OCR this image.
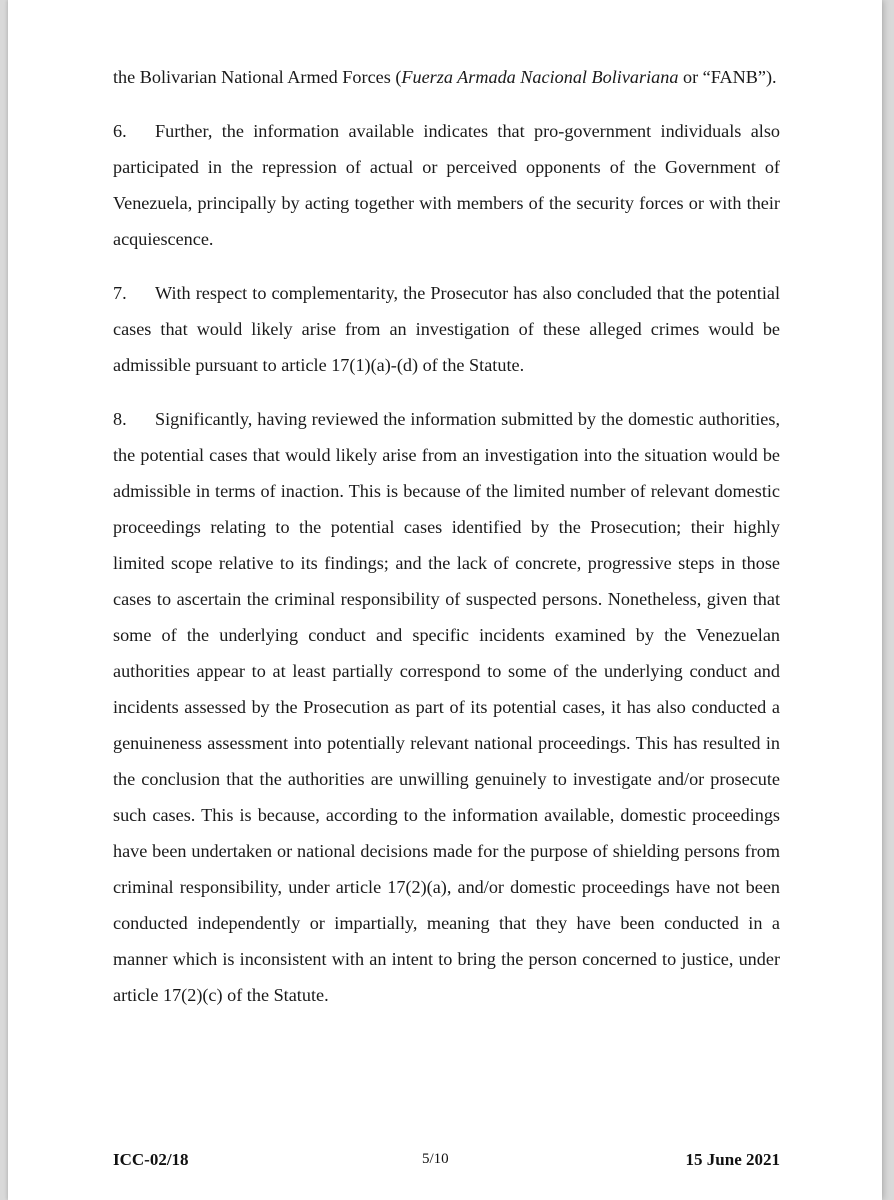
the Bolivarian National Armed Forces (Fuerza Armada Nacional Bolivariana or “FANB”).

6. Further, the information available indicates that pro-government individuals also participated in the repression of actual or perceived opponents of the Government of Venezuela, principally by acting together with members of the security forces or with their acquiescence.

7. With respect to complementarity, the Prosecutor has also concluded that the potential cases that would likely arise from an investigation of these alleged crimes would be admissible pursuant to article 17(1)(a)-(d) of the Statute.

8. Significantly, having reviewed the information submitted by the domestic authorities, the potential cases that would likely arise from an investigation into the situation would be admissible in terms of inaction. This is because of the limited number of relevant domestic proceedings relating to the potential cases identified by the Prosecution; their highly limited scope relative to its findings; and the lack of concrete, progressive steps in those cases to ascertain the criminal responsibility of suspected persons. Nonetheless, given that some of the underlying conduct and specific incidents examined by the Venezuelan authorities appear to at least partially correspond to some of the underlying conduct and incidents assessed by the Prosecution as part of its potential cases, it has also conducted a genuineness assessment into potentially relevant national proceedings. This has resulted in the conclusion that the authorities are unwilling genuinely to investigate and/or prosecute such cases. This is because, according to the information available, domestic proceedings have been undertaken or national decisions made for the purpose of shielding persons from criminal responsibility, under article 17(2)(a), and/or domestic proceedings have not been conducted independently or impartially, meaning that they have been conducted in a manner which is inconsistent with an intent to bring the person concerned to justice, under article 17(2)(c) of the Statute.

ICC-02/18	5/10	15 June 2021
